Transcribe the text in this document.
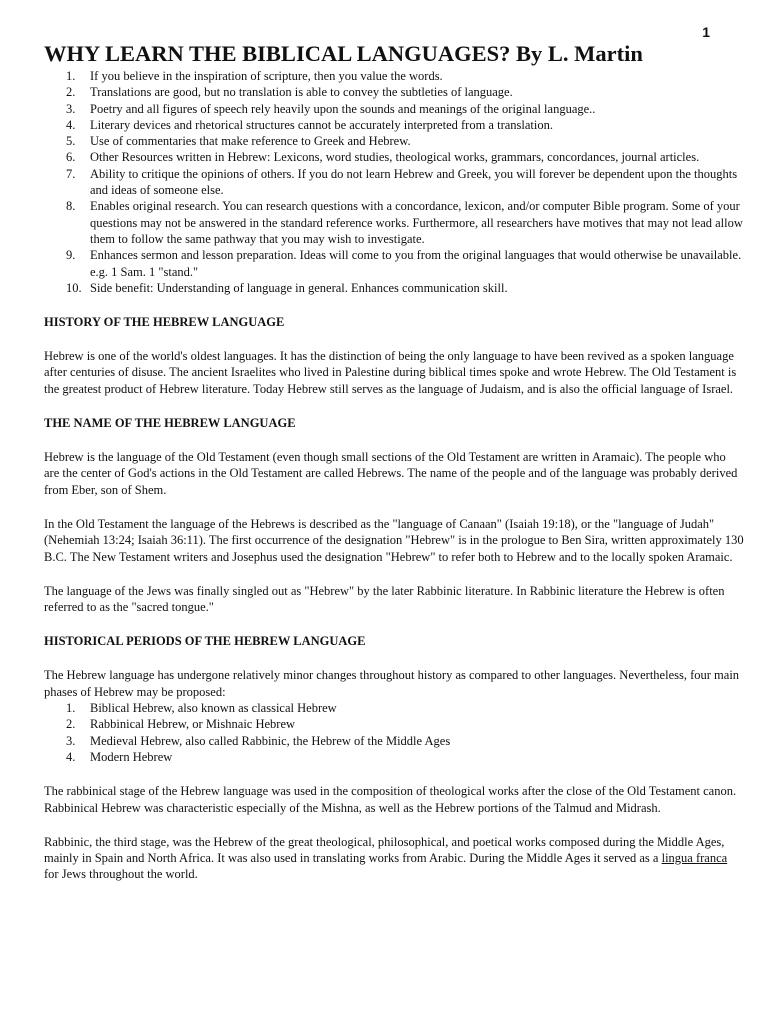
1
WHY LEARN THE BIBLICAL LANGUAGES? By L. Martin
1. If you believe in the inspiration of scripture, then you value the words.
2. Translations are good, but no translation is able to convey the subtleties of language.
3. Poetry and all figures of speech rely heavily upon the sounds and meanings of the original language..
4. Literary devices and rhetorical structures cannot be accurately interpreted from a translation.
5. Use of commentaries that make reference to Greek and Hebrew.
6. Other Resources written in Hebrew: Lexicons, word studies, theological works, grammars, concordances, journal articles.
7. Ability to critique the opinions of others. If you do not learn Hebrew and Greek, you will forever be dependent upon the thoughts and ideas of someone else.
8. Enables original research. You can research questions with a concordance, lexicon, and/or computer Bible program. Some of your questions may not be answered in the standard reference works. Furthermore, all researchers have motives that may not lead allow them to follow the same pathway that you may wish to investigate.
9. Enhances sermon and lesson preparation. Ideas will come to you from the original languages that would otherwise be unavailable. e.g. 1 Sam. 1 "stand."
10. Side benefit: Understanding of language in general. Enhances communication skill.
HISTORY OF THE HEBREW LANGUAGE

Hebrew is one of the world's oldest languages. It has the distinction of being the only language to have been revived as a spoken language after centuries of disuse. The ancient Israelites who lived in Palestine during biblical times spoke and wrote Hebrew. The Old Testament is the greatest product of Hebrew literature. Today Hebrew still serves as the language of Judaism, and is also the official language of Israel.

THE NAME OF THE HEBREW LANGUAGE

Hebrew is the language of the Old Testament (even though small sections of the Old Testament are written in Aramaic). The people who are the center of God's actions in the Old Testament are called Hebrews. The name of the people and of the language was probably derived from Eber, son of Shem.

In the Old Testament the language of the Hebrews is described as the "language of Canaan" (Isaiah 19:18), or the "language of Judah" (Nehemiah 13:24; Isaiah 36:11). The first occurrence of the designation "Hebrew" is in the prologue to Ben Sira, written approximately 130 B.C. The New Testament writers and Josephus used the designation "Hebrew" to refer both to Hebrew and to the locally spoken Aramaic.

The language of the Jews was finally singled out as "Hebrew" by the later Rabbinic literature. In Rabbinic literature the Hebrew is often referred to as the "sacred tongue."

HISTORICAL PERIODS OF THE HEBREW LANGUAGE

The Hebrew language has undergone relatively minor changes throughout history as compared to other languages. Nevertheless, four main phases of Hebrew may be proposed:

1. Biblical Hebrew, also known as classical Hebrew
2. Rabbinical Hebrew, or Mishnaic Hebrew
3. Medieval Hebrew, also called Rabbinic, the Hebrew of the Middle Ages
4. Modern Hebrew

The rabbinical stage of the Hebrew language was used in the composition of theological works after the close of the Old Testament canon. Rabbinical Hebrew was characteristic especially of the Mishna, as well as the Hebrew portions of the Talmud and Midrash.

Rabbinic, the third stage, was the Hebrew of the great theological, philosophical, and poetical works composed during the Middle Ages, mainly in Spain and North Africa. It was also used in translating works from Arabic. During the Middle Ages it served as a lingua franca for Jews throughout the world.
